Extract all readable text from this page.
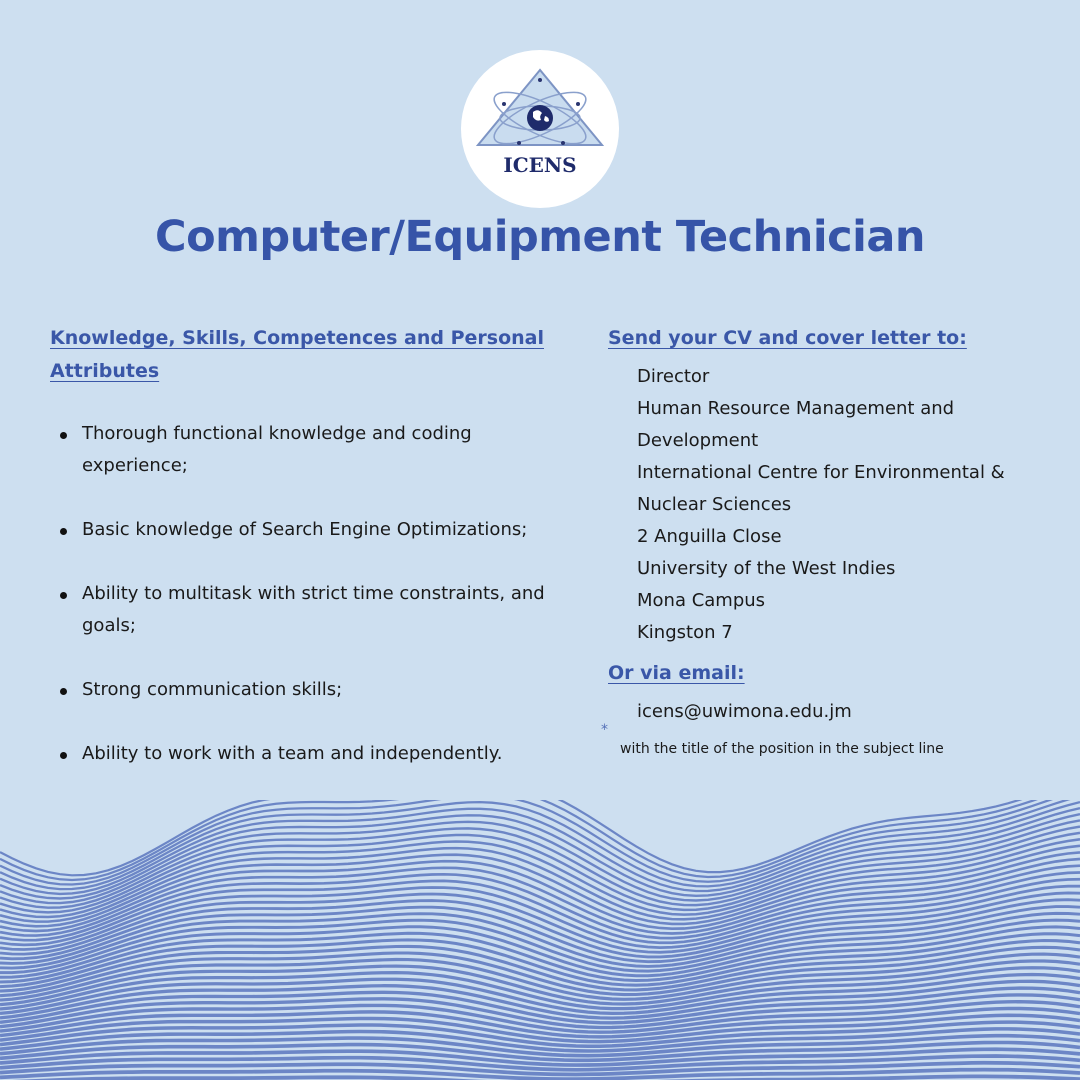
ICENS
Computer/Equipment Technician
Knowledge, Skills, Competences and Personal Attributes
Thorough functional knowledge and coding experience;
Basic knowledge of Search Engine Optimizations;
Ability to multitask with strict time constraints, and goals;
Strong communication skills;
Ability to work with a team and independently.
Send your CV and cover letter to:
Director
Human Resource Management and
Development
International Centre for Environmental &
Nuclear Sciences
2 Anguilla Close
University of the West Indies
Mona Campus
Kingston 7
Or via email:
icens@uwimona.edu.jm
*
with the title of the position in the subject line
